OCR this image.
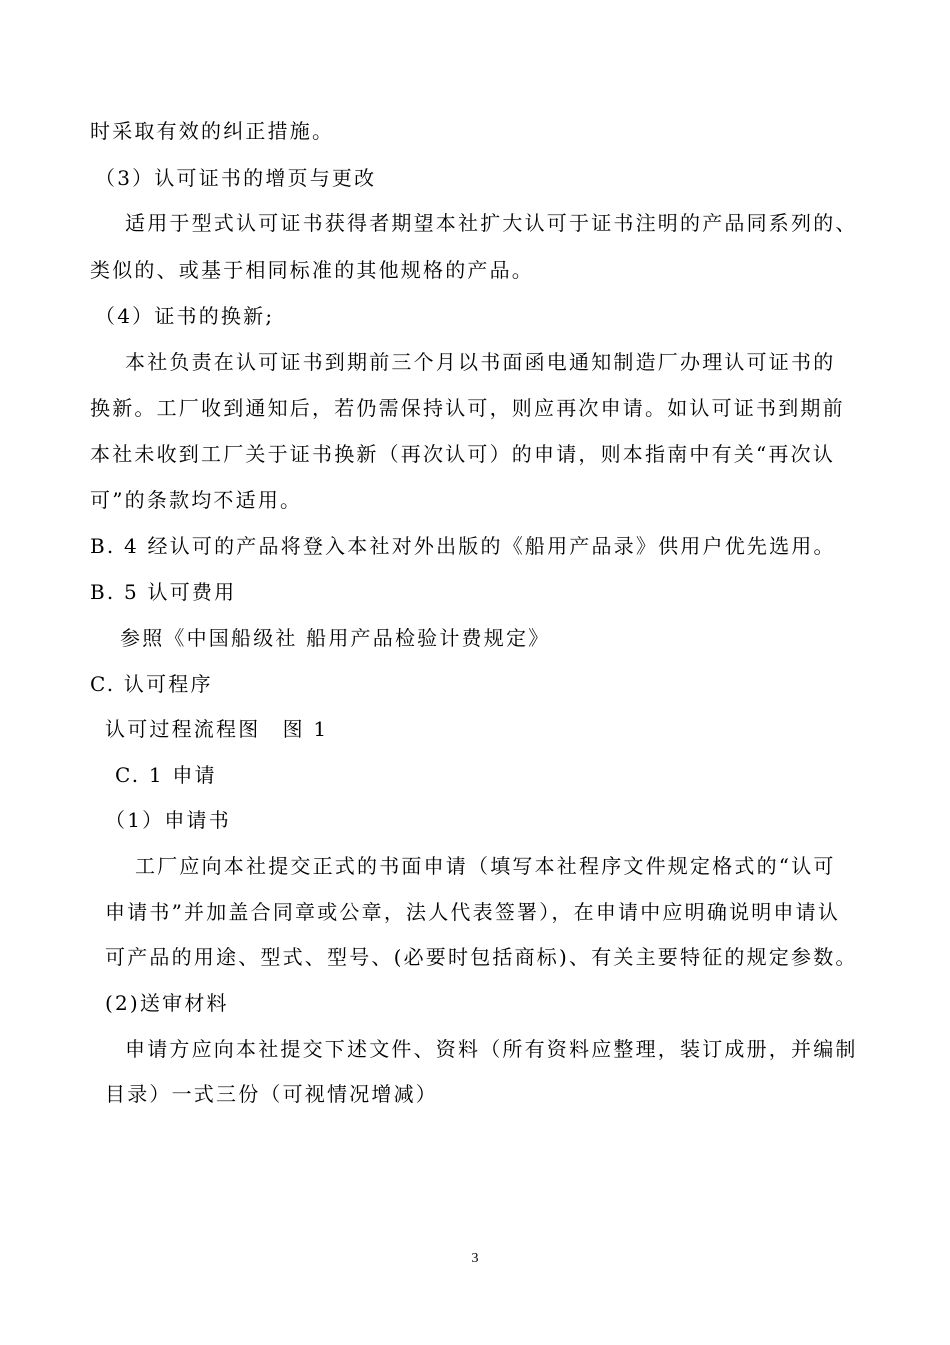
时采取有效的纠正措施。
（3）认可证书的增页与更改
适用于型式认可证书获得者期望本社扩大认可于证书注明的产品同系列的、
类似的、或基于相同标准的其他规格的产品。
（4）证书的换新;
本社负责在认可证书到期前三个月以书面函电通知制造厂办理认可证书的
换新。工厂收到通知后，若仍需保持认可，则应再次申请。如认可证书到期前
本社未收到工厂关于证书换新（再次认可）的申请，则本指南中有关“再次认
可”的条款均不适用。
B. 4 经认可的产品将登入本社对外出版的《船用产品录》供用户优先选用。
B. 5 认可费用
参照《中国船级社 船用产品检验计费规定》
C. 认可程序
认可过程流程图　图 1
C. 1 申请
（1）申请书
工厂应向本社提交正式的书面申请（填写本社程序文件规定格式的“认可
申请书”并加盖合同章或公章，法人代表签署），在申请中应明确说明申请认
可产品的用途、型式、型号、(必要时包括商标)、有关主要特征的规定参数。
(2)送审材料
申请方应向本社提交下述文件、资料（所有资料应整理，装订成册，并编制
目录）一式三份（可视情况增减）
3
